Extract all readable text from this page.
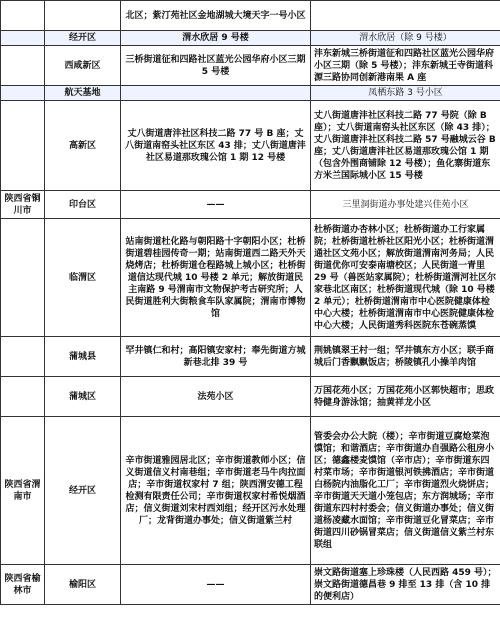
		北区；紫汀苑社区金地湖城大境天字一号小区	
	经开区	渭水欣居 9 号楼	渭水欣居（除 9 号楼）
	西咸新区	三桥街道征和四路社区蓝光公园华府小区三期 5 号楼	沣东新城三桥街道征和四路社区蓝光公园华府小区三期（除 5 号楼）；沣东新城王寺街道科源三路协同创新港南果 A 座
	航天基地		凤栖东路 3 号小区
	高新区	丈八街道唐沣社区科技二路 77 号 B 座；丈八街道南窑头社区东区 43 排；丈八街道唐沣社区易道那玫瑰公馆 1 期 12 号楼	丈八街道唐沣社区科技二路 77 号院（除 B 座）；丈八街道南窑头社区东区（除 43 排）；丈八街道唐沣社区科技二路 57 号融城云谷 B 座；丈八街道唐沣社区易道那玫瑰公馆 1 期（包含外围商铺除 12 号楼）；鱼化寨街道东方米兰国际城小区 15 号楼
陕西省铜川市	印台区	——	三里洞街道办事处建兴佳苑小区
	临渭区	站南街道杜化路与朝阳路十字朝阳小区；杜桥街道碧桂园传奇一期；站南街道西二路天外天烧烤店；杜桥街道仓程路城上城小区；杜桥街道信达现代城 10 号楼 2 单元；解放街道民主南路 9 号渭南市文物保护考古研究所；人民街道胜利大街粮食车队家属院；渭南市博物馆	杜桥街道办杏林小区；杜桥街道办工行家属院；杜桥街道杜桥社区阳光小区；杜桥街道渭通社区文苑小区；解放街道渭南河务局；人民街道优你可安泰南塘校区；人民街道一青里 29 号（兽医站家属院）；杜桥街道渭河社区尔家巷北区南区；杜桥街道现代城（除 10 号楼 2 单元）；杜桥街道渭南市中心医院健康体检中心大楼；杜桥街道渭南市中心医院健康体检中心大楼；人民街道秀科医院东苍碗蒸馍
	蒲城县	罕井镇仁和村；高阳镇安家村；奉先街道方城新巷北排 39 号	荆姚镇翠王村一组；罕井镇东方小区；联手商城后门香飘飘饭店；桥陵镇孔小操羊肉馆
	蒲城区	法苑小区	万国花苑小区；万国花苑小区郭快超市；思政特健身游泳馆；抽黄祥龙小区
陕西省渭南市	经开区	辛市街道雅园居北区；辛市街道教师小区；信义街道信义村南巷组；辛市街道老马牛肉拉面店；辛市街道权家村 7 组；陕西渭安德工程检测有限责任公司；辛市街道权家村希悦烟酒店；信义街道刘宋村西刘组；经开区污水处理厂；龙背街道办事处；信义街道紫兰村	管委会办公大院（楼）；辛市街道豆腐炝菜泡馍馆；和谐酒店；辛市街道办自强路公租房小区；德鑫楼麦馍馆（辛市店）；辛市街道东四村菜市场；辛市街道银河铁拂酒店；辛市街道白杨院内油脂化工厂；辛市街道烈火烧饼店；辛市街道天天道小笼包店；东方润城场；辛市街道东四村村委会；信义街道办事处；信义街道杨凌藏水面馆；辛市街道豆化冒菜店；辛市街道四川砂锅冒菜店；信义街道信义紫兰村东联组
陕西省榆林市	榆阳区	——	崇文路街道塞上珍珠楼（人民西路 459 号）；崇文路街道德昌巷 9 排至 13 排（含 10 排的便利店）
